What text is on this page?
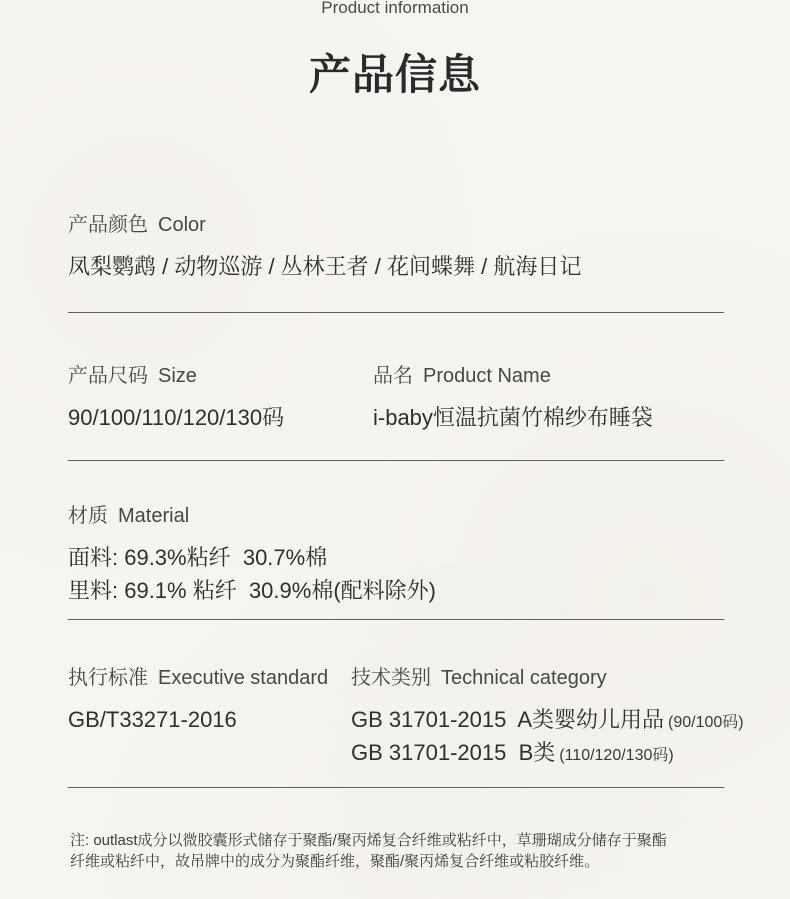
Product information
产品信息
产品颜色 Color
凤梨鹦鹉 / 动物巡游 / 丛林王者 / 花间蝶舞 / 航海日记
产品尺码 Size
90/100/110/120/130码
品名 Product Name
i-baby恒温抗菌竹棉纱布睡袋
材质 Material
面料: 69.3%粘纤  30.7%棉
里料: 69.1% 粘纤  30.9%棉(配料除外)
执行标准 Executive standard
GB/T33271-2016
技术类别 Technical category
GB 31701-2015  A类婴幼儿用品 (90/100码)
GB 31701-2015  B类 (110/120/130码)
注: outlast成分以微胶囊形式储存于聚酯/聚丙烯复合纤维或粘纤中，草珊瑚成分储存于聚酯
纤维或粘纤中，故吊牌中的成分为聚酯纤维，聚酯/聚丙烯复合纤维或粘胶纤维。
